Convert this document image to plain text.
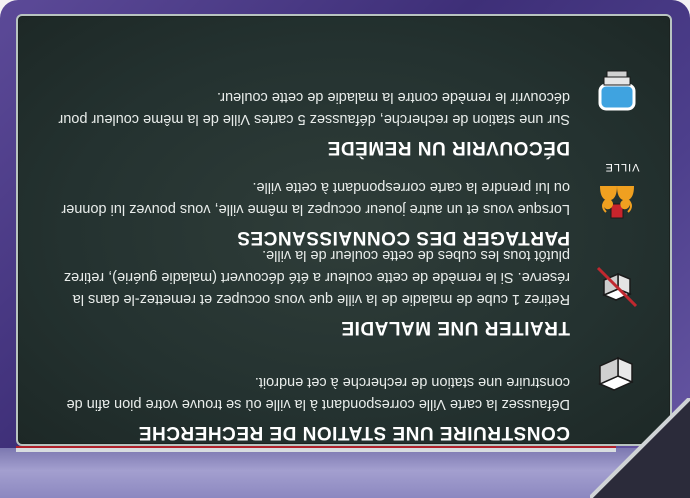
CONSTRUIRE UNE STATION DE RECHERCHE
Défaussez la carte Ville correspondant à la ville où se trouve votre pion afin de construire une station de recherche à cet endroit.
TRAITER UNE MALADIE
Retirez 1 cube de maladie de la ville que vous occupez et remettez-le dans la réserve. Si le remède de cette couleur a été découvert (maladie guérie), retirez plutôt tous les cubes de cette couleur de la ville.
PARTAGER DES CONNAISSANCES
Lorsque vous et un autre joueur occupez la même ville, vous pouvez lui donner ou lui prendre la carte correspondant à cette ville.
VILLE
DÉCOUVRIR UN REMÈDE
Sur une station de recherche, défaussez 5 cartes Ville de la même couleur pour découvrir le remède contre la maladie de cette couleur.
